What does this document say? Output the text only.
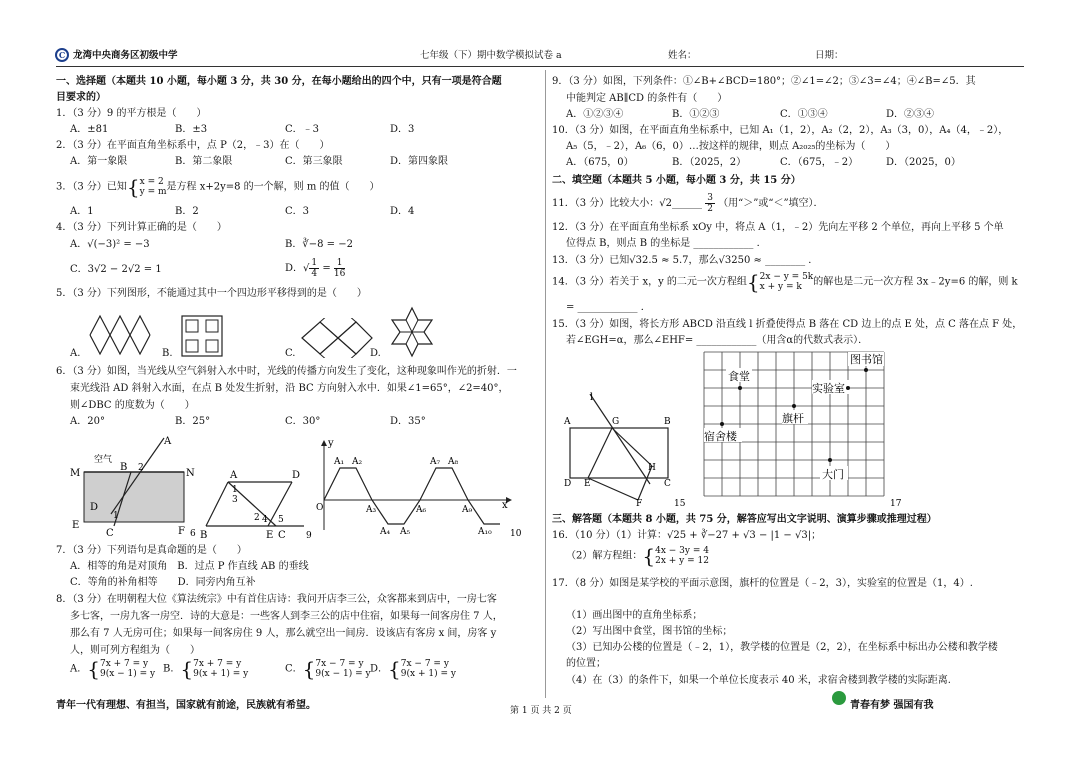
C 龙湾中央商务区初级中学	七年级（下）期中数学模拟试卷 a	姓名：	日期：
一、选择题（本题共 10 小题，每小题 3 分，共 30 分，在每小题给出的四个中，只有一项是符合题
目要求的）
1．（3 分）9 的平方根是（　　）
A．±81	B．±3	C．﹣3	D．3
2．（3 分）在平面直角坐标系中，点 P（2，﹣3）在（　　）
A．第一象限	B．第二象限	C．第三象限	D．第四象限
3．（3 分）已知{ x = 2
y = m 是方程 x+2y=8 的一个解，则 m 的值（　　）
A．1	B．2	C．3	D．4
4．（3 分）下列计算正确的是（　　）
A．√(−3)² = −3	B．∛−8 = −2
C．3√2 − 2√2 = 1	D．√ $\frac{1}{4} = \frac{1}{16}$
5．（3 分）下列图形，不能通过其中一个四边形平移得到的是（　　）
A.	B.	C.	D.
6．（3 分）如图，当光线从空气斜射入水中时，光线的传播方向发生了变化，这种现象叫作光的折射．一
束光线沿 AD 斜射入水面，在点 B 处发生折射，沿 BC 方向射入水中．如果∠1=65°，∠2=40°，
则∠DBC 的度数为（　　）
A．20°	B．25°	C．30°	D．35°
A
空气
B 2
M	N
D
1
E
F
C	6
A	D
1
3
2 4 5
B	E C 9
y
x
O
A₁ A₂
A₃
A₄ A₅
A₆
A₇ A₈
A₉
A₁₀ 10
7．（3 分）下列语句是真命题的是（　　）
A．相等的角是对顶角　B．过点 P 作直线 AB 的垂线
C．等角的补角相等　　D．同旁内角互补
8．（3 分）在明朝程大位《算法统宗》中有首住店诗：我问开店李三公，众客都来到店中，一房七客
多七客，一房九客一房空．诗的大意是：一些客人到李三公的店中住宿，如果每一间客房住 7 人，
那么有 7 人无房可住；如果每一间客房住 9 人，那么就空出一间房．设该店有客房 x 间，房客 y
人，则可列方程组为（　　）
A．{ 7x + 7 = y
9(x − 1) = y B．{ 7x + 7 = y
9(x + 1) = y	C．{ 7x − 7 = y
9(x − 1) = y D．{ 7x − 7 = y
9(x + 1) = y
青年一代有理想、有担当，国家就有前途，民族就有希望。	第 1 页 共 2 页	青春有梦 强国有我
9．（3 分）如图，下列条件：①∠B+∠BCD=180°；②∠1=∠2；③∠3=∠4；④∠B=∠5．其
中能判定 AB∥CD 的条件有（　　）
A．①②③④	B．①②③	C．①③④	D．②③④
10．（3 分）如图，在平面直角坐标系中，已知 A₁（1，2），A₂（2，2），A₃（3，0），A₄（4，﹣2），
A₅（5，﹣2），A₆（6，0）…按这样的规律，则点 A₂₀₂₅的坐标为（　　）
A．（675，0）	B．（2025，2）	C．（675，﹣2）	D．（2025，0）
二、填空题（本题共 5 小题，每小题 3 分，共 15 分）
11．（3 分）比较大小：√2______ $\frac{3}{2}$ （用“＞”或“＜”填空）．
12．（3 分）在平面直角坐标系 xOy 中，将点 A（1，﹣2）先向左平移 2 个单位，再向上平移 5 个单
位得点 B，则点 B 的坐标是 ____________ ．
13．（3 分）已知√32.5 ≈ 5.7，那么√3250 ≈ ________ ．
14．（3 分）若关于 x，y 的二元一次方程组{ 2x − y = 5k
x + y = k	的解也是二元一次方程 3x﹣2y=6 的解，则 k
= ____________ ．
15．（3 分）如图，将长方形 ABCD 沿直线 l 折叠使得点 B 落在 CD 边上的点 E 处，点 C 落在点 F 处，
若∠EGH=α，那么∠EHF= ____________（用含α的代数式表示）．
l
A	G	B
H
D E	C
F	15
图书馆
食堂
实验室
旗杆
宿舍楼
大门
17
三、解答题（本题共 8 小题，共 75 分，解答应写出文字说明、演算步骤或推理过程）
16．（10 分）（1）计算：√25 + ∛−27 + √3 − |1 − √3|；
（2）解方程组：{ 4x − 3y = 4
2x + y = 12
17．（8 分）如图是某学校的平面示意图，旗杆的位置是（﹣2，3），实验室的位置是（1，4）.
（1）画出图中的直角坐标系；
（2）写出图中食堂，图书馆的坐标；
（3）已知办公楼的位置是（﹣2，1），教学楼的位置是（2，2），在坐标系中标出办公楼和教学楼
的位置；
（4）在（3）的条件下，如果一个单位长度表示 40 米，求宿舍楼到教学楼的实际距离.
